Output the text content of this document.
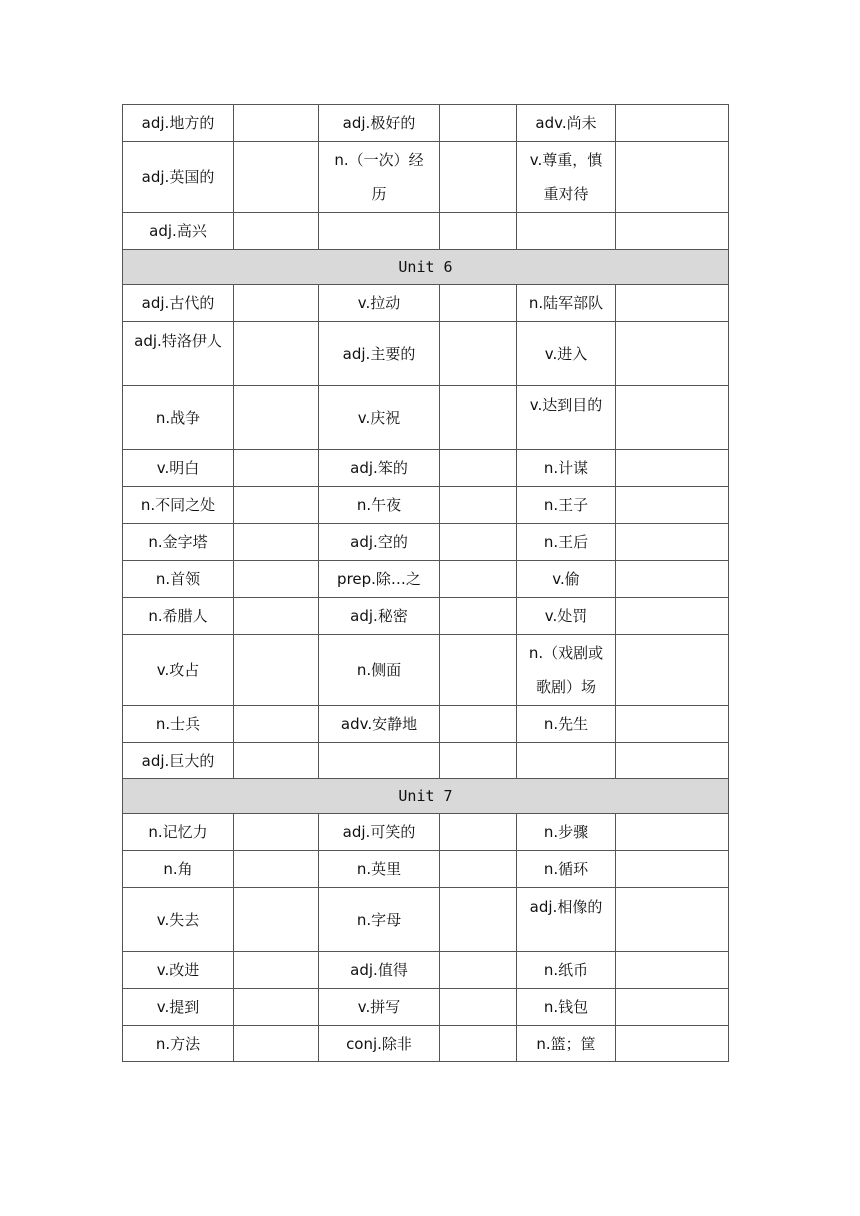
adj.地方的		adj.极好的		adv.尚未	
adj.英国的		n.（一次）经历		v.尊重，慎重对待	
adj.高兴					
Unit 6					
adj.古代的		v.拉动		n.陆军部队	
adj.特洛伊人		adj.主要的		v.进入	
n.战争		v.庆祝		v.达到目的	
v.明白		adj.笨的		n.计谋	
n.不同之处		n.午夜		n.王子	
n.金字塔		adj.空的		n.王后	
n.首领		prep.除…之		v.偷	
n.希腊人		adj.秘密		v.处罚	
v.攻占		n.侧面		n.（戏剧或歌剧）场	
n.士兵		adv.安静地		n.先生	
adj.巨大的					
Unit 7					
n.记忆力		adj.可笑的		n.步骤	
n.角		n.英里		n.循环	
v.失去		n.字母		adj.相像的	
v.改进		adj.值得		n.纸币	
v.提到		v.拼写		n.钱包	
n.方法		conj.除非		n.篮；筐	
